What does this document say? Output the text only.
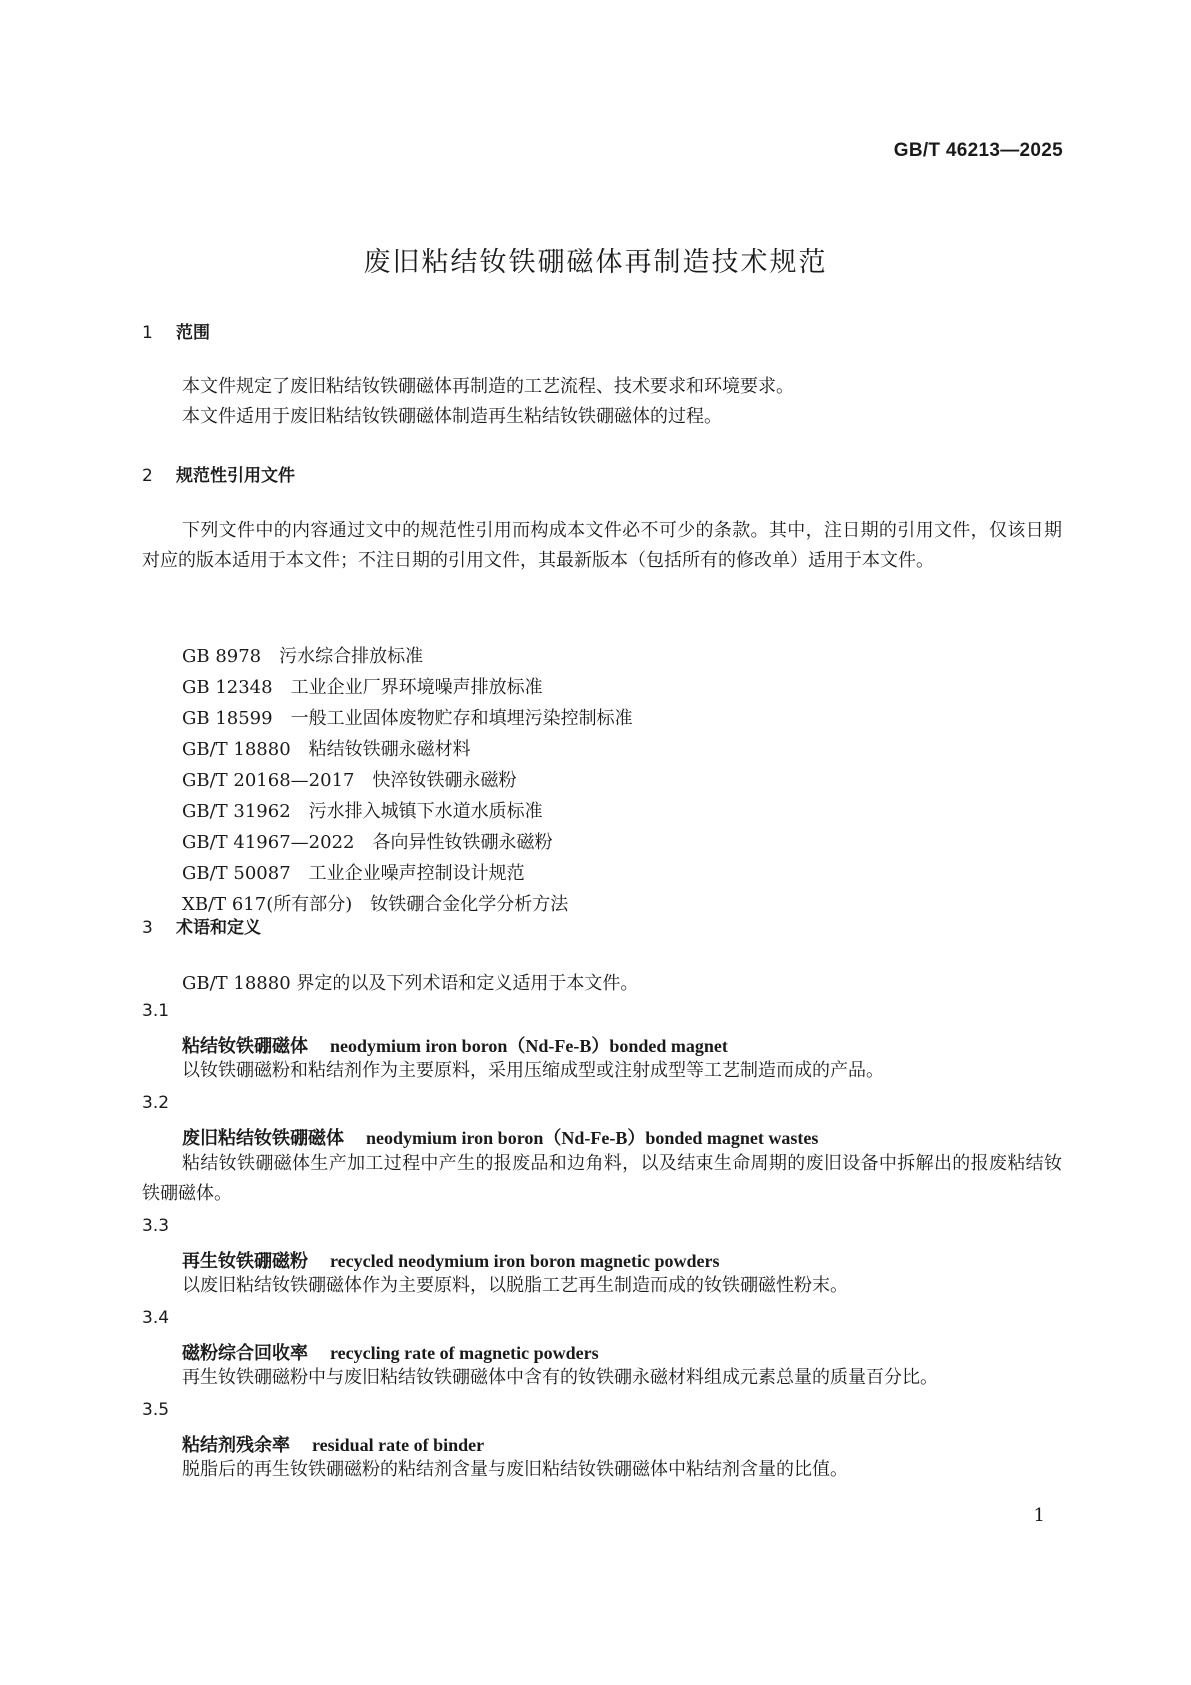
GB/T 46213—2025
废旧粘结钕铁硼磁体再制造技术规范
1 范围
本文件规定了废旧粘结钕铁硼磁体再制造的工艺流程、技术要求和环境要求。
本文件适用于废旧粘结钕铁硼磁体制造再生粘结钕铁硼磁体的过程。
2 规范性引用文件
下列文件中的内容通过文中的规范性引用而构成本文件必不可少的条款。其中，注日期的引用文件，仅该日期对应的版本适用于本文件；不注日期的引用文件，其最新版本（包括所有的修改单）适用于本文件。
GB 8978 污水综合排放标准
GB 12348 工业企业厂界环境噪声排放标准
GB 18599 一般工业固体废物贮存和填埋污染控制标准
GB/T 18880 粘结钕铁硼永磁材料
GB/T 20168—2017 快淬钕铁硼永磁粉
GB/T 31962 污水排入城镇下水道水质标准
GB/T 41967—2022 各向异性钕铁硼永磁粉
GB/T 50087 工业企业噪声控制设计规范
XB/T 617(所有部分) 钕铁硼合金化学分析方法
3 术语和定义
GB/T 18880 界定的以及下列术语和定义适用于本文件。
3.1
粘结钕铁硼磁体 neodymium iron boron（Nd-Fe-B）bonded magnet
以钕铁硼磁粉和粘结剂作为主要原料，采用压缩成型或注射成型等工艺制造而成的产品。
3.2
废旧粘结钕铁硼磁体 neodymium iron boron（Nd-Fe-B）bonded magnet wastes
粘结钕铁硼磁体生产加工过程中产生的报废品和边角料，以及结束生命周期的废旧设备中拆解出的报废粘结钕铁硼磁体。
3.3
再生钕铁硼磁粉 recycled neodymium iron boron magnetic powders
以废旧粘结钕铁硼磁体作为主要原料，以脱脂工艺再生制造而成的钕铁硼磁性粉末。
3.4
磁粉综合回收率 recycling rate of magnetic powders
再生钕铁硼磁粉中与废旧粘结钕铁硼磁体中含有的钕铁硼永磁材料组成元素总量的质量百分比。
3.5
粘结剂残余率 residual rate of binder
脱脂后的再生钕铁硼磁粉的粘结剂含量与废旧粘结钕铁硼磁体中粘结剂含量的比值。
1
